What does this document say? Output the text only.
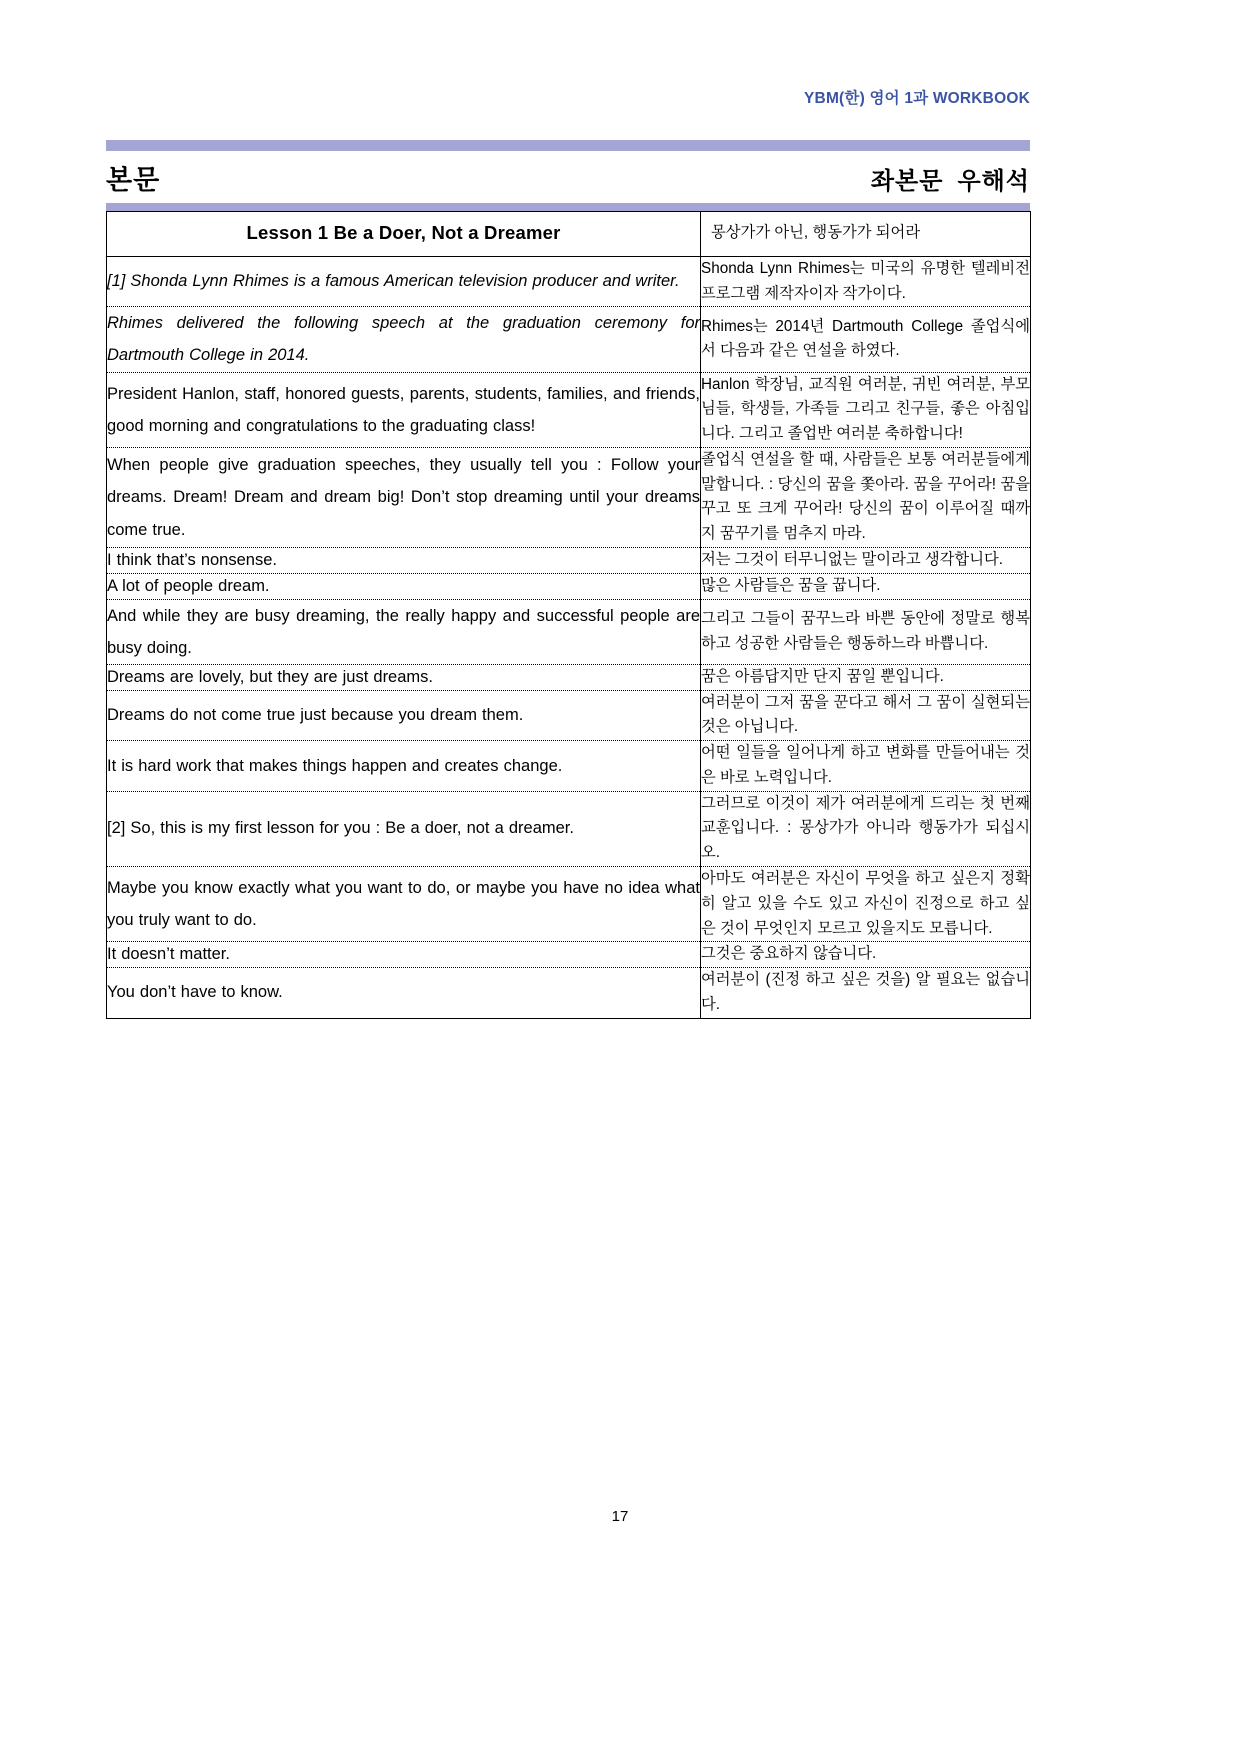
YBM(한) 영어 1과 WORKBOOK
본문	좌본문 우해석
Lesson 1 Be a Doer, Not a Dreamer	몽상가가 아닌, 행동가가 되어라

[1] Shonda Lynn Rhimes is a famous American television producer and writer.	Shonda Lynn Rhimes는 미국의 유명한 텔레비전 프로그램 제작자이자 작가이다.

Rhimes delivered the following speech at the graduation ceremony for Dartmouth College in 2014.	Rhimes는 2014년 Dartmouth College 졸업식에서 다음과 같은 연설을 하였다.

President Hanlon, staff, honored guests, parents, students, families, and friends, good morning and congratulations to the graduating class!	Hanlon 학장님, 교직원 여러분, 귀빈 여러분, 부모님들, 학생들, 가족들 그리고 친구들, 좋은 아침입니다. 그리고 졸업반 여러분 축하합니다!

When people give graduation speeches, they usually tell you : Follow your dreams. Dream! Dream and dream big! Don’t stop dreaming until your dreams come true.	졸업식 연설을 할 때, 사람들은 보통 여러분들에게 말합니다. : 당신의 꿈을 쫓아라. 꿈을 꾸어라! 꿈을 꾸고 또 크게 꾸어라! 당신의 꿈이 이루어질 때까지 꿈꾸기를 멈추지 마라.

I think that’s nonsense.	저는 그것이 터무니없는 말이라고 생각합니다.

A lot of people dream.	많은 사람들은 꿈을 꿉니다.

And while they are busy dreaming, the really happy and successful people are busy doing.	그리고 그들이 꿈꾸느라 바쁜 동안에 정말로 행복하고 성공한 사람들은 행동하느라 바쁩니다.

Dreams are lovely, but they are just dreams.	꿈은 아름답지만 단지 꿈일 뿐입니다.

Dreams do not come true just because you dream them.	여러분이 그저 꿈을 꾼다고 해서 그 꿈이 실현되는 것은 아닙니다.

It is hard work that makes things happen and creates change.	어떤 일들을 일어나게 하고 변화를 만들어내는 것은 바로 노력입니다.

[2] So, this is my first lesson for you : Be a doer, not a dreamer.	그러므로 이것이 제가 여러분에게 드리는 첫 번째 교훈입니다. : 몽상가가 아니라 행동가가 되십시오.

Maybe you know exactly what you want to do, or maybe you have no idea what you truly want to do.	아마도 여러분은 자신이 무엇을 하고 싶은지 정확히 알고 있을 수도 있고 자신이 진정으로 하고 싶은 것이 무엇인지 모르고 있을지도 모릅니다.

It doesn’t matter.	그것은 중요하지 않습니다.

You don’t have to know.	여러분이 (진정 하고 싶은 것을) 알 필요는 없습니다.
17
